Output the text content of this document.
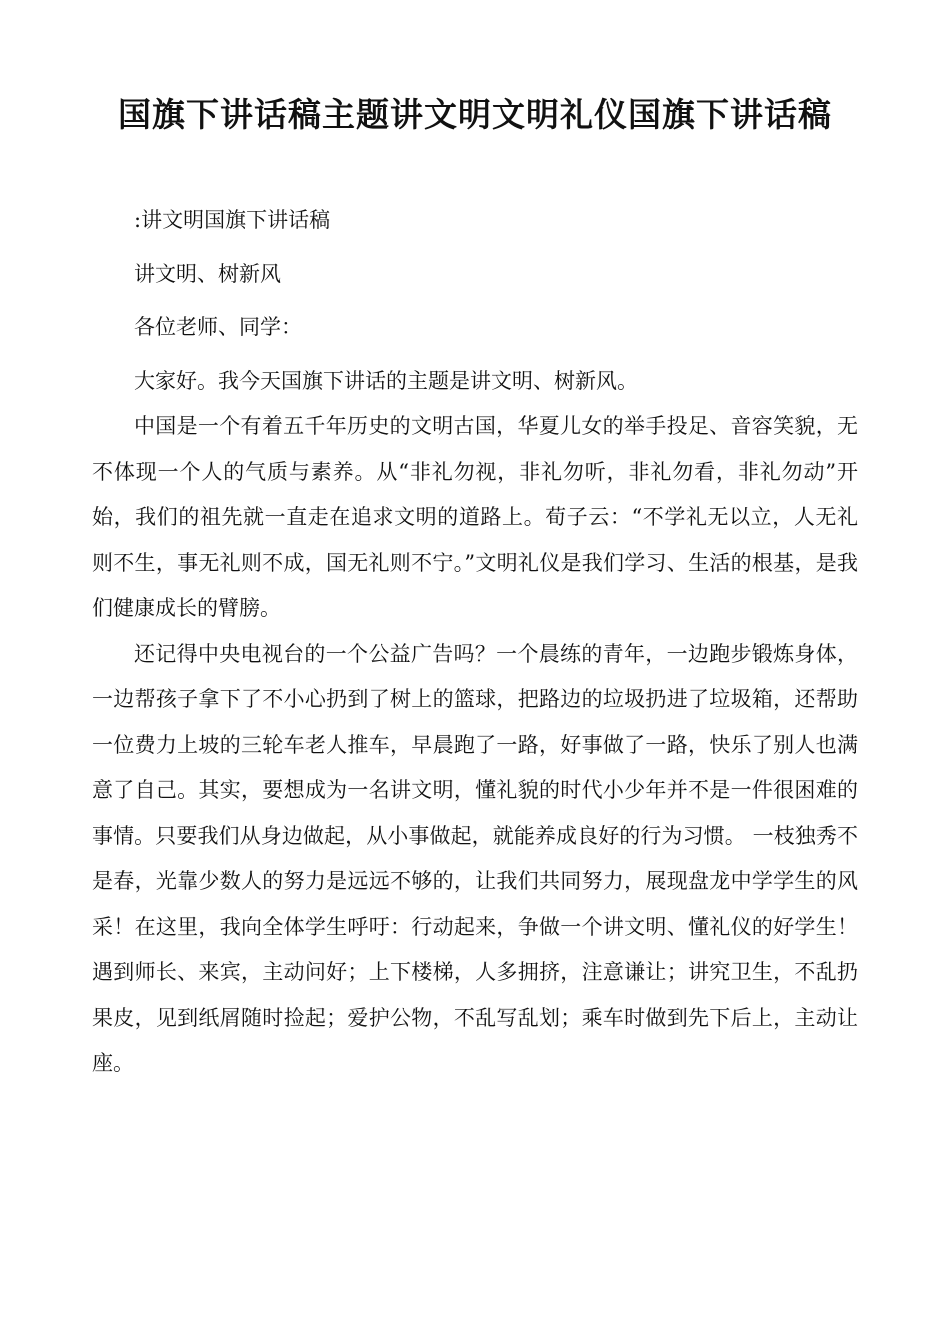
国旗下讲话稿主题讲文明文明礼仪国旗下讲话稿

:讲文明国旗下讲话稿

讲文明、树新风

各位老师、同学：

大家好。我今天国旗下讲话的主题是讲文明、树新风。

中国是一个有着五千年历史的文明古国，华夏儿女的举手投足、音容笑貌，无不体现一个人的气质与素养。从“非礼勿视，非礼勿听，非礼勿看，非礼勿动”开始，我们的祖先就一直走在追求文明的道路上。荀子云：“不学礼无以立，人无礼则不生，事无礼则不成，国无礼则不宁。”文明礼仪是我们学习、生活的根基，是我们健康成长的臂膀。

还记得中央电视台的一个公益广告吗？一个晨练的青年，一边跑步锻炼身体，一边帮孩子拿下了不小心扔到了树上的篮球，把路边的垃圾扔进了垃圾箱，还帮助一位费力上坡的三轮车老人推车，早晨跑了一路，好事做了一路，快乐了别人也满意了自己。其实，要想成为一名讲文明，懂礼貌的时代小少年并不是一件很困难的事情。只要我们从身边做起，从小事做起，就能养成良好的行为习惯。 一枝独秀不是春，光靠少数人的努力是远远不够的，让我们共同努力，展现盘龙中学学生的风采！在这里，我向全体学生呼吁：行动起来，争做一个讲文明、懂礼仪的好学生！遇到师长、来宾，主动问好；上下楼梯，人多拥挤，注意谦让；讲究卫生，不乱扔果皮，见到纸屑随时捡起；爱护公物，不乱写乱划；乘车时做到先下后上，主动让座。
